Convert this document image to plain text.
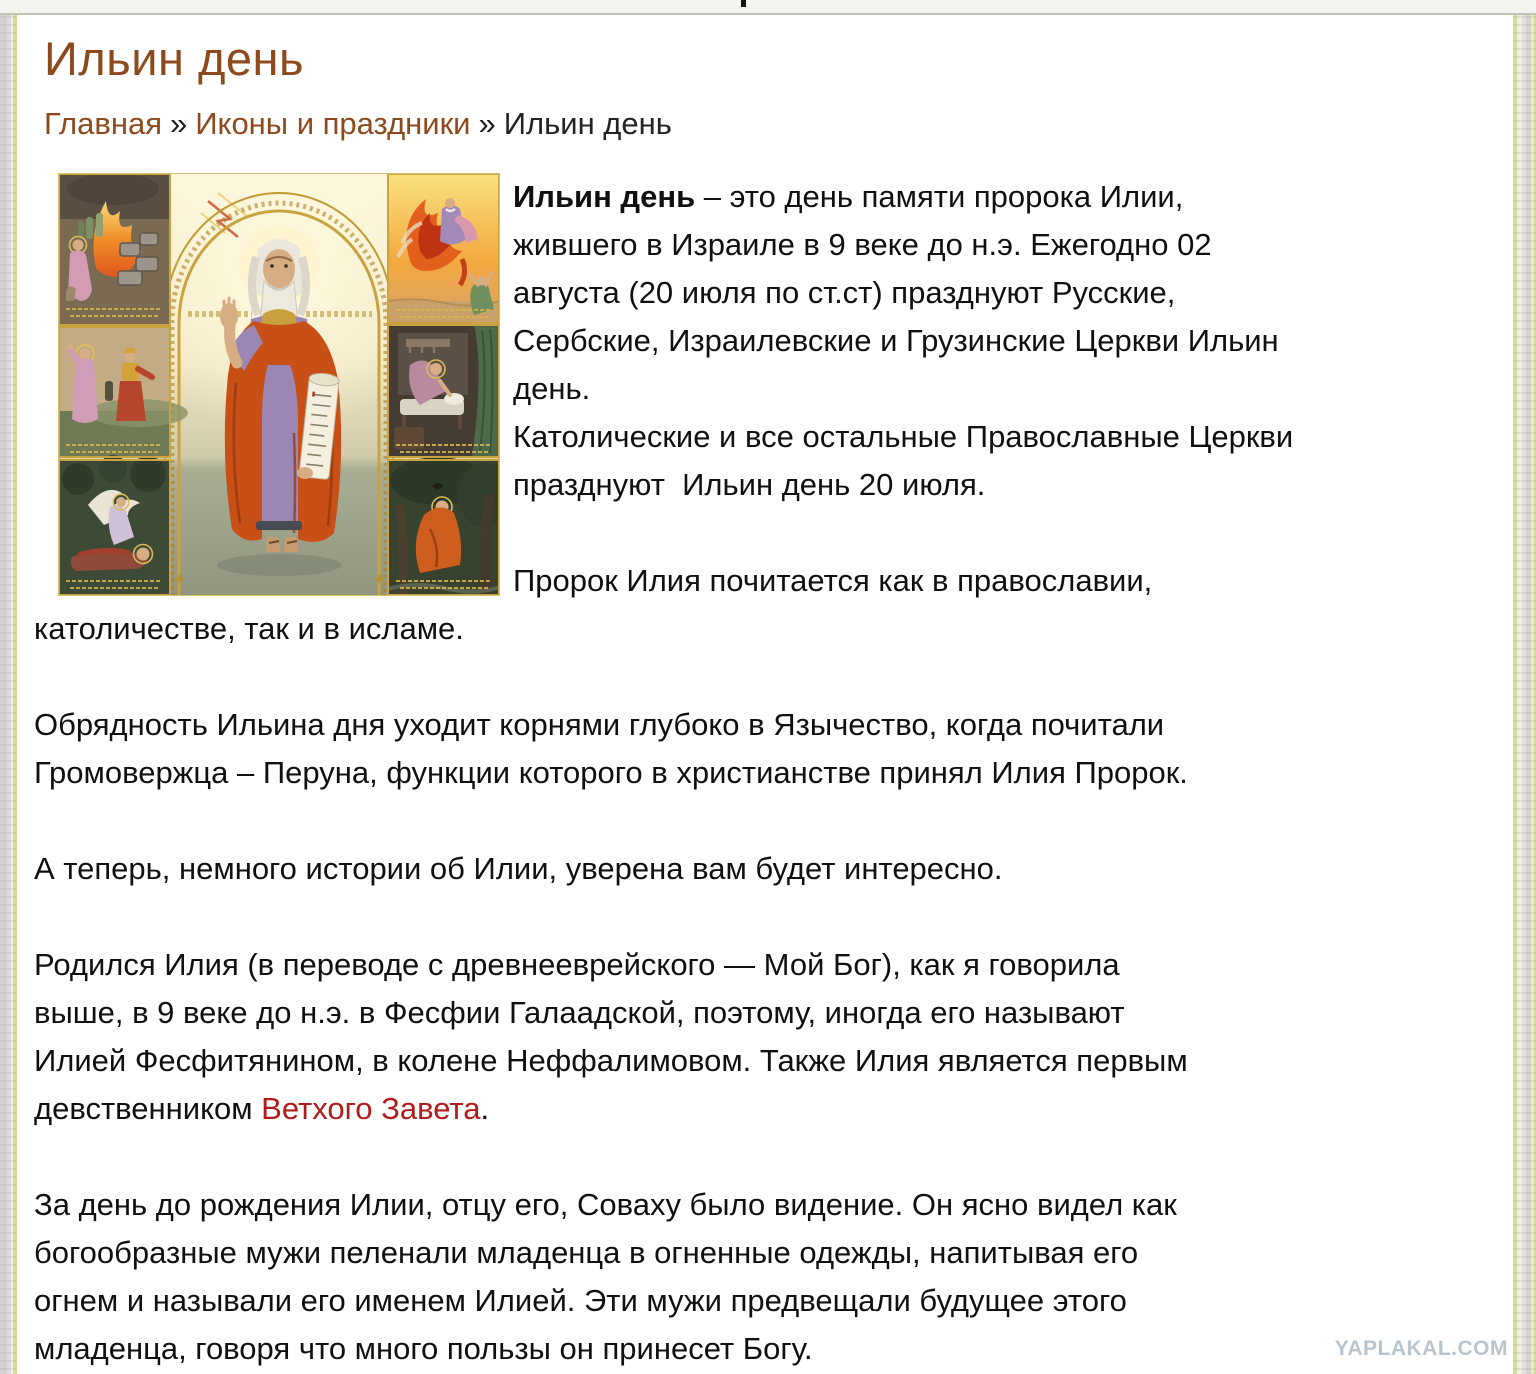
Ильин день
Главная » Иконы и праздники » Ильин день

Ильин день – это день памяти пророка Илии,
жившего в Израиле в 9 веке до н.э. Ежегодно 02
августа (20 июля по ст.ст) празднуют Русские,
Сербские, Израилевские и Грузинские Церкви Ильин
день.

Католические и все остальные Православные Церкви
празднуют  Ильин день 20 июля.

Пророк Илия почитается как в православии,
католичестве, так и в исламе.

Обрядность Ильина дня уходит корнями глубоко в Язычество, когда почитали
Громовержца – Перуна, функции которого в христианстве принял Илия Пророк.

А теперь, немного истории об Илии, уверена вам будет интересно.

Родился Илия (в переводе с древнееврейского — Мой Бог), как я говорила
выше, в 9 веке до н.э. в Фесфии Галаадской, поэтому, иногда его называют
Илией Фесфитянином, в колене Неффалимовом. Также Илия является первым
девственником Ветхого Завета.

За день до рождения Илии, отцу его, Соваху было видение. Он ясно видел как
богообразные мужи пеленали младенца в огненные одежды, напитывая его
огнем и называли его именем Илией. Эти мужи предвещали будущее этого
младенца, говоря что много пользы он принесет Богу.	YAPLAKAL.COM
